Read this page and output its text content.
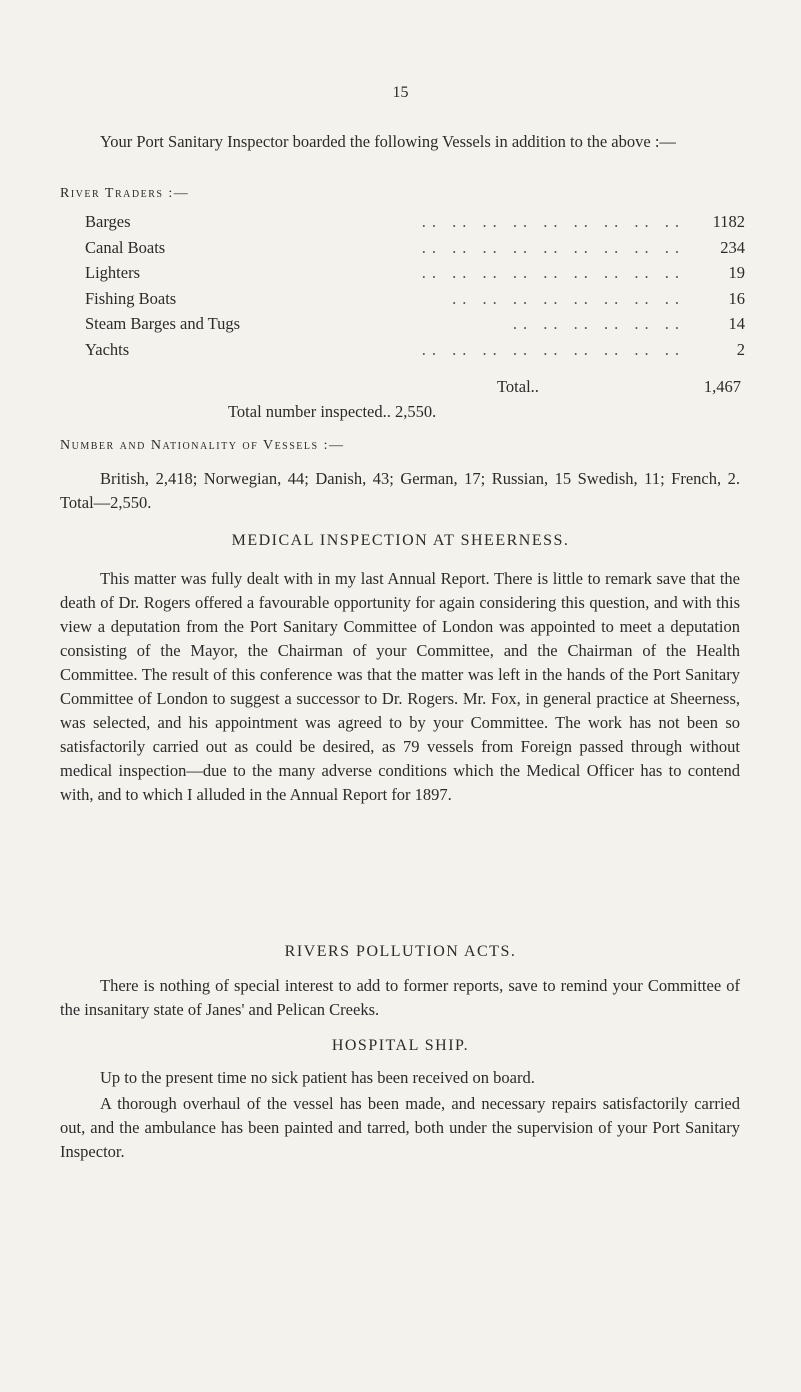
15

Your Port Sanitary Inspector boarded the following Vessels in addition to the above :—

River Traders :—
Barges	.. .. .. .. .. .. .. .. ..	1182
Canal Boats	.. .. .. .. .. .. .. .. ..	234
Lighters	.. .. .. .. .. .. .. .. ..	19
Fishing Boats	.. .. .. .. .. .. .. ..	16
Steam Barges and Tugs	.. .. .. .. .. ..	14
Yachts	.. .. .. .. .. .. .. .. ..	2
Total..	1,467
Total number inspected.. 2,550.
Number and Nationality of Vessels :—

British, 2,418; Norwegian, 44; Danish, 43; German, 17; Russian, 15 Swedish, 11; French, 2. Total—2,550.

MEDICAL INSPECTION AT SHEERNESS.

This matter was fully dealt with in my last Annual Report. There is little to remark save that the death of Dr. Rogers offered a favourable opportunity for again considering this question, and with this view a deputation from the Port Sanitary Committee of London was appointed to meet a deputation consisting of the Mayor, the Chairman of your Committee, and the Chairman of the Health Committee. The result of this conference was that the matter was left in the hands of the Port Sanitary Committee of London to suggest a successor to Dr. Rogers. Mr. Fox, in general practice at Sheerness, was selected, and his appointment was agreed to by your Committee. The work has not been so satisfactorily carried out as could be desired, as 79 vessels from Foreign passed through without medical inspection—due to the many adverse conditions which the Medical Officer has to contend with, and to which I alluded in the Annual Report for 1897.

RIVERS POLLUTION ACTS.

There is nothing of special interest to add to former reports, save to remind your Committee of the insanitary state of Janes' and Pelican Creeks.

HOSPITAL SHIP.

Up to the present time no sick patient has been received on board.

A thorough overhaul of the vessel has been made, and necessary repairs satisfactorily carried out, and the ambulance has been painted and tarred, both under the supervision of your Port Sanitary Inspector.
